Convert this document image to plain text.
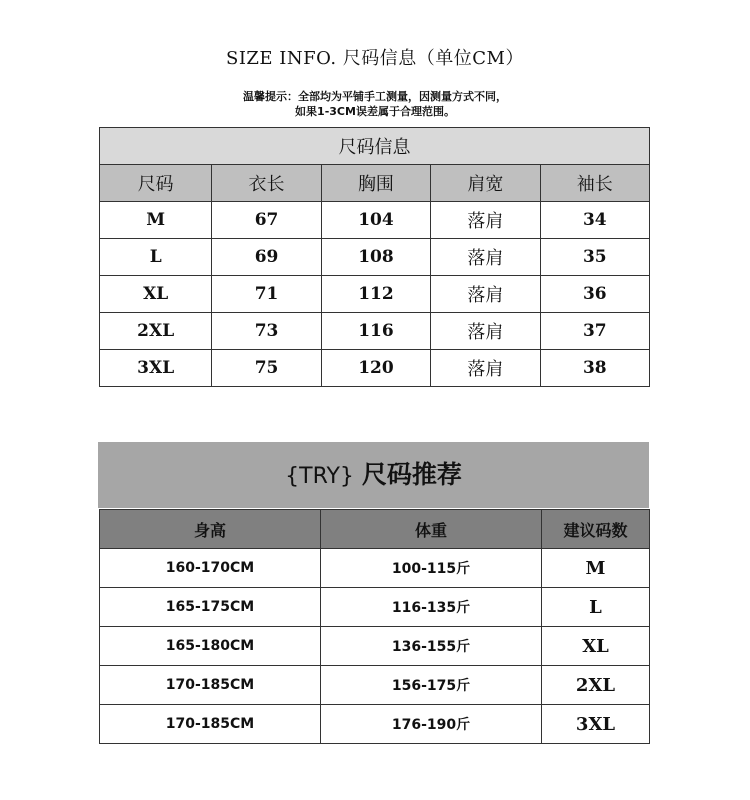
SIZE INFO. 尺码信息（单位CM）
温馨提示：全部均为平铺手工测量，因测量方式不同，
如果1-3CM误差属于合理范围。
尺码信息				
尺码	衣长	胸围	肩宽	袖长
M	67	104	落肩	34
L	69	108	落肩	35
XL	71	112	落肩	36
2XL	73	116	落肩	37
3XL	75	120	落肩	38
{TRY} 尺码推荐
身高	体重	建议码数
160-170CM	100-115斤	M
165-175CM	116-135斤	L
165-180CM	136-155斤	XL
170-185CM	156-175斤	2XL
170-185CM	176-190斤	3XL
